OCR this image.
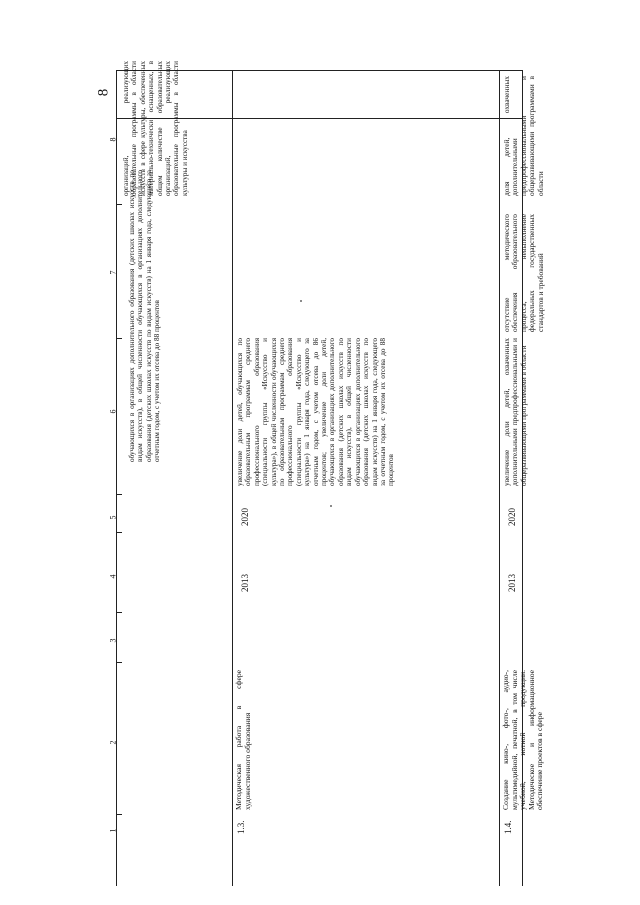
8
8
7
6
5
4
3
2
1
обучающихся в организациях дополнительного образования (детских школах искусств по видам искусств), в общей численности обучающихся в организациях дополнительного образования (детских школах искусств по видам искусств) на 1 января года, следующего за отчетным годом, с учетом их отсева до 88 процентов
организаций, реализующих образовательные программы в области искусств в сфере культуры, обеспеченных материально-технически оснащенных, в общем количестве образовательных организаций, реализующих образовательные программы в области культуры и искусства
1.3.
Методическая работа в сфере художественного образования
2013
2020
увеличение доли детей, обучающихся по образовательным программам среднего профессионального образования (специальности группы «Искусство и культура»), в общей численности обучающихся по образовательным программам среднего профессионального образования (специальности группы «Искусство и культура») на 1 января года, следующего за отчетным годом, с учетом отсева до 86 процентов; увеличение доли детей, обучающихся в организациях дополнительного образования (детских школах искусств по видам искусств), в общей численности обучающихся в организациях дополнительного образования (детских школах искусств по видам искусств) на 1 января года, следующего за отчетным годом, с учетом их отсева до 88 процентов
1.4.
Создание кино-, фото-, аудио-, мультимедийной, печатной, в том числе учебной, нотной продукции. Методическое и информационное обеспечение проектов в сфере
2013
2020
увеличение доли детей, охваченных дополнительными предпрофессиональными и общеразвивающими программами в области
отсутствие методического обеспечения образовательного процесса, невыполнение федеральных государственных стандартов и требований
доля детей, охваченных дополнительными предпрофессиональными и общеразвивающими программами в области
